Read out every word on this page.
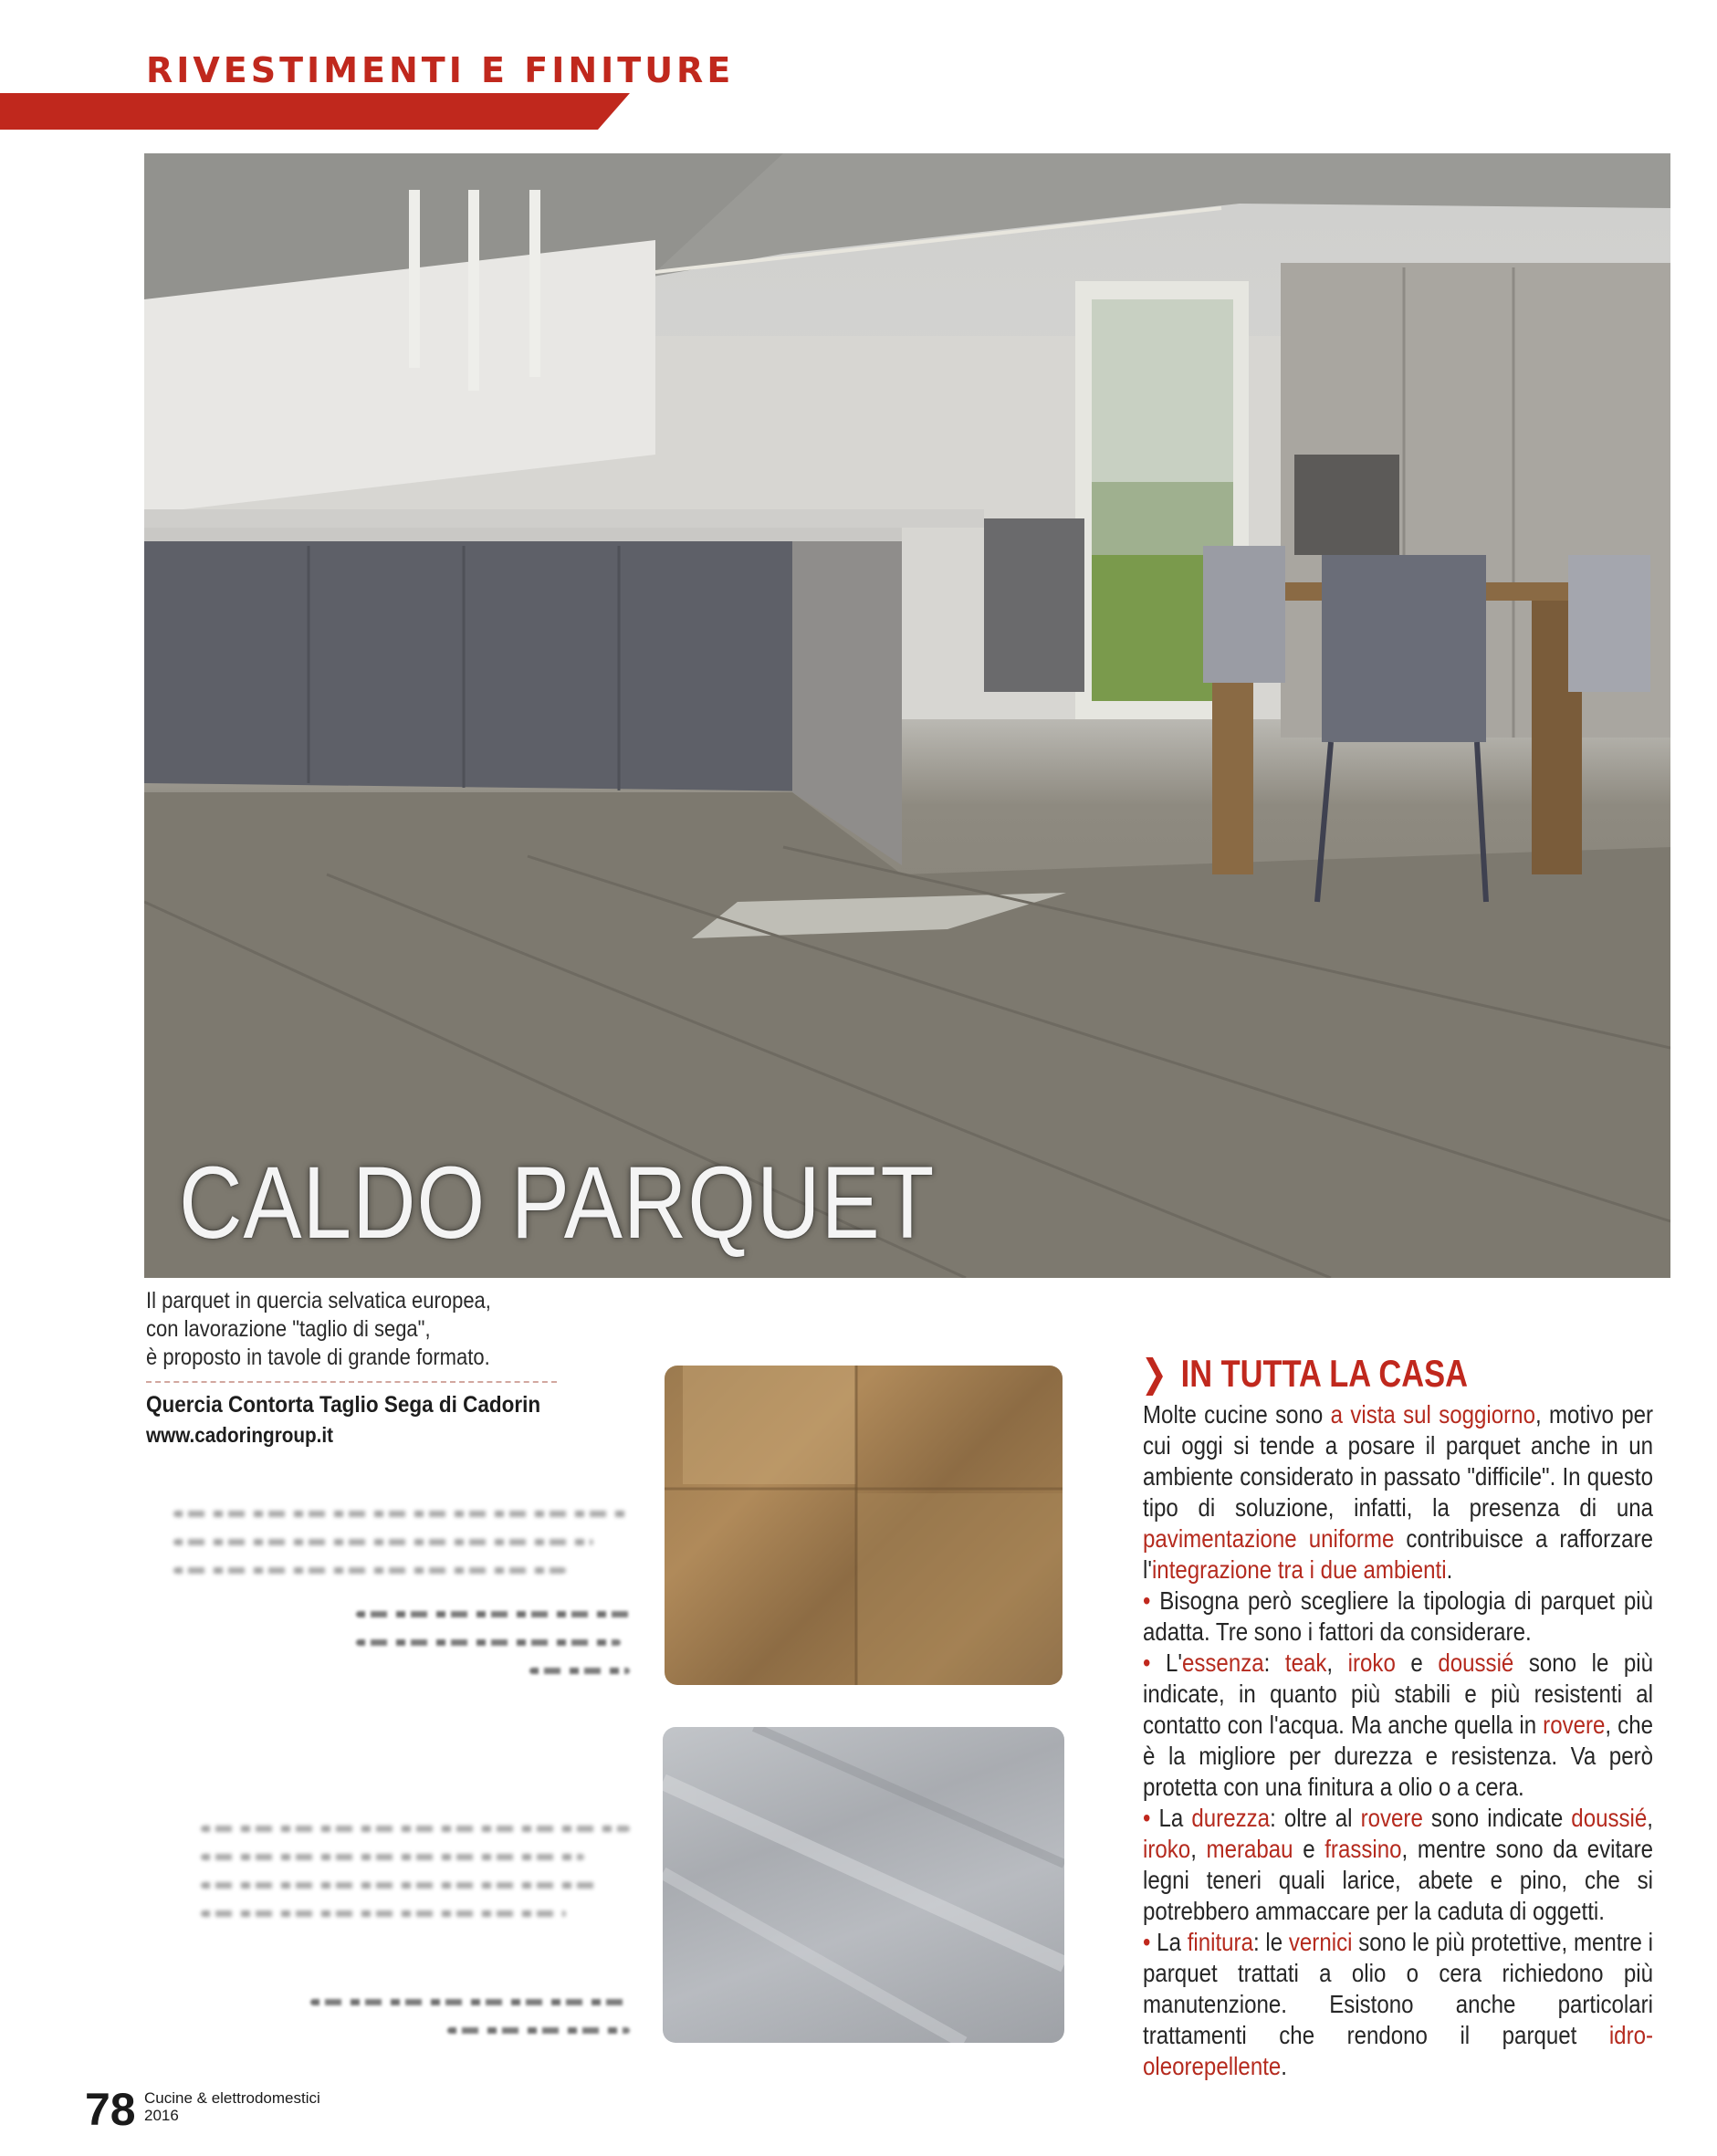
RIVESTIMENTI E FINITURE
CALDO PARQUET
Il parquet in quercia selvatica europea,
con lavorazione "taglio di sega",
è proposto in tavole di grande formato.
Quercia Contorta Taglio Sega di Cadorin
www.cadoringroup.it
❯ IN TUTTA LA CASA

Molte cucine sono a vista sul soggiorno, motivo per cui oggi si tende a posare il parquet anche in un ambiente considerato in passato "difficile". In questo tipo di soluzione, infatti, la presenza di una pavimentazione uniforme contribuisce a rafforzare l'integrazione tra i due ambienti.

• Bisogna però scegliere la tipologia di parquet più adatta. Tre sono i fattori da considerare.

• L'essenza: teak, iroko e doussié sono le più indicate, in quanto più stabili e più resistenti al contatto con l'acqua. Ma anche quella in rovere, che è la migliore per durezza e resistenza. Va però protetta con una finitura a olio o a cera.

• La durezza: oltre al rovere sono indicate doussié, iroko, merabau e frassino, mentre sono da evitare legni teneri quali larice, abete e pino, che si potrebbero ammaccare per la caduta di oggetti.

• La finitura: le vernici sono le più protettive, mentre i parquet trattati a olio o cera richiedono più manutenzione. Esistono anche particolari trattamenti che rendono il parquet idro-oleorepellente.

78 Cucine & elettrodomestici
2016
